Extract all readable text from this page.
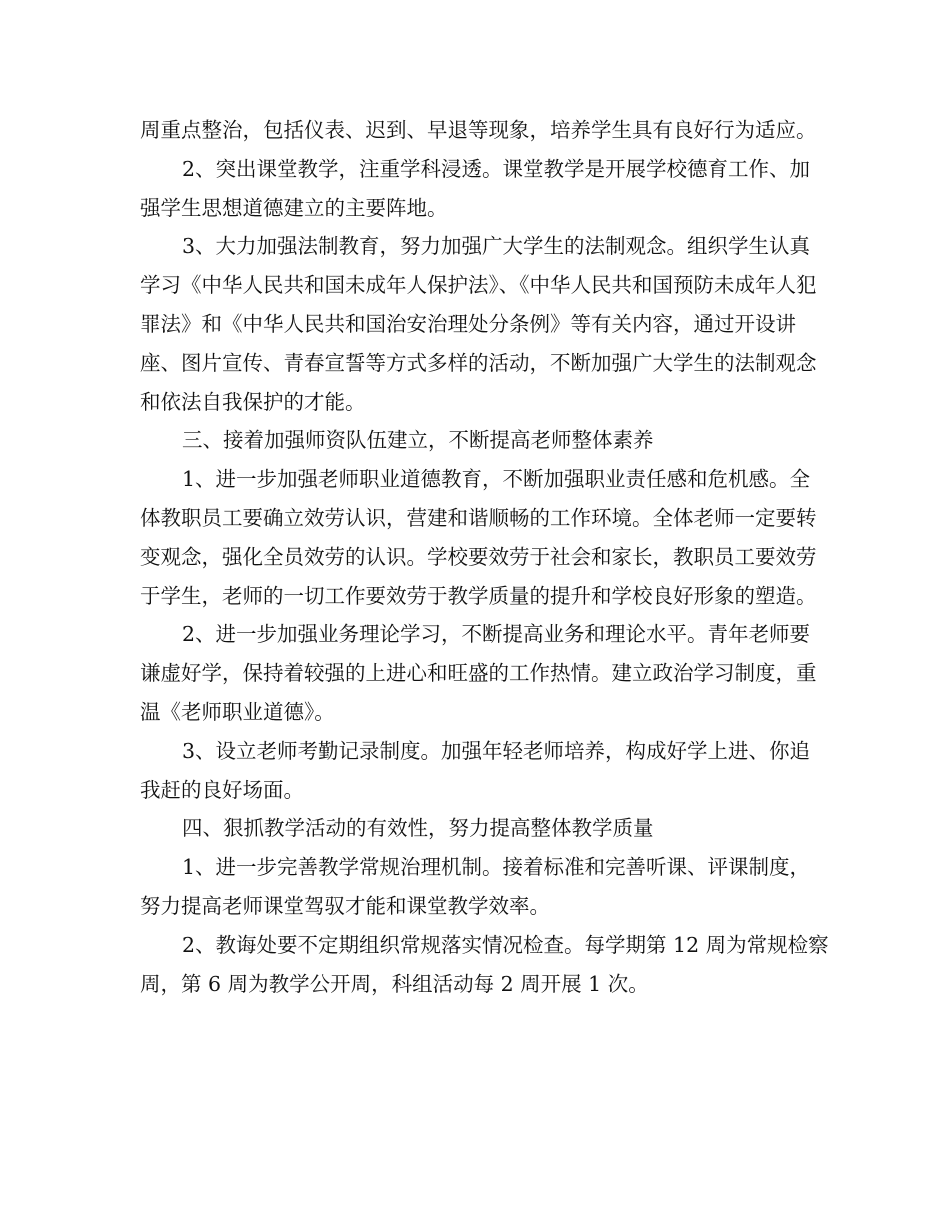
周重点整治，包括仪表、迟到、早退等现象，培养学生具有良好行为适应。

2、突出课堂教学，注重学科浸透。课堂教学是开展学校德育工作、加强学生思想道德建立的主要阵地。

3、大力加强法制教育，努力加强广大学生的法制观念。组织学生认真学习《中华人民共和国未成年人保护法》、《中华人民共和国预防未成年人犯罪法》和《中华人民共和国治安治理处分条例》等有关内容，通过开设讲座、图片宣传、青春宣誓等方式多样的活动，不断加强广大学生的法制观念和依法自我保护的才能。

三、接着加强师资队伍建立，不断提高老师整体素养

1、进一步加强老师职业道德教育，不断加强职业责任感和危机感。全体教职员工要确立效劳认识，营建和谐顺畅的工作环境。全体老师一定要转变观念，强化全员效劳的认识。学校要效劳于社会和家长，教职员工要效劳于学生，老师的一切工作要效劳于教学质量的提升和学校良好形象的塑造。

2、进一步加强业务理论学习，不断提高业务和理论水平。青年老师要谦虚好学，保持着较强的上进心和旺盛的工作热情。建立政治学习制度，重温《老师职业道德》。

3、设立老师考勤记录制度。加强年轻老师培养，构成好学上进、你追我赶的良好场面。

四、狠抓教学活动的有效性，努力提高整体教学质量

1、进一步完善教学常规治理机制。接着标准和完善听课、评课制度，努力提高老师课堂驾驭才能和课堂教学效率。

2、教诲处要不定期组织常规落实情况检查。每学期第 12 周为常规检察周，第 6 周为教学公开周，科组活动每 2 周开展 1 次。
